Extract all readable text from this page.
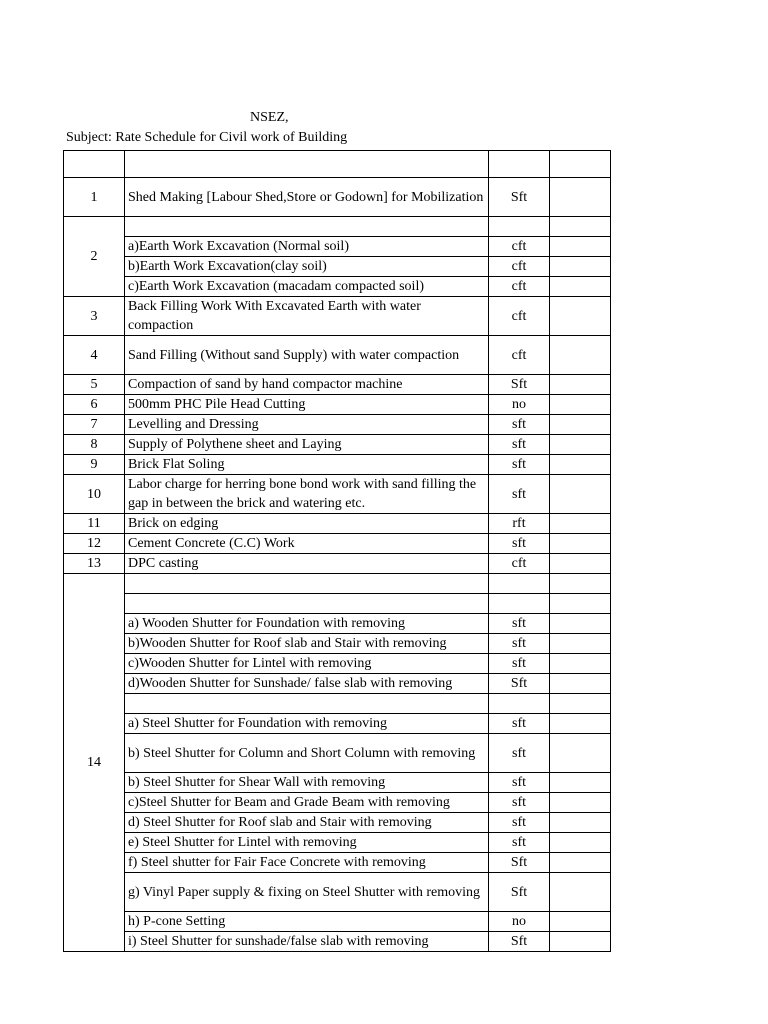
NSEZ,
Subject: Rate Schedule for Civil work of Building

1	Shed Making [Labour Shed,Store or Godown] for Mobilization	Sft	
2			
	a)Earth Work Excavation (Normal soil)	cft	
	b)Earth Work Excavation(clay soil)	cft	
	c)Earth Work Excavation (macadam compacted soil)	cft	
3	Back Filling Work With Excavated Earth with water compaction	cft	
4	Sand Filling (Without sand Supply) with water compaction	cft	
5	Compaction of sand by hand compactor machine	Sft	
6	500mm PHC Pile Head Cutting	no	
7	Levelling and Dressing	sft	
8	Supply of Polythene sheet and Laying	sft	
9	Brick Flat Soling	sft	
10	Labor charge for herring bone bond work with sand filling the gap in between the brick and watering etc.	sft	
11	Brick on edging	rft	
12	Cement Concrete (C.C) Work	sft	
13	DPC casting	cft	
14			

	a) Wooden Shutter for Foundation with removing	sft	
	b)Wooden Shutter for Roof slab and Stair with removing	sft	
	c)Wooden Shutter for Lintel with removing	sft	
	d)Wooden Shutter for Sunshade/ false slab with removing	Sft	

	a) Steel Shutter for Foundation with removing	sft	
	b) Steel Shutter for Column and Short Column with removing	sft	
	b) Steel Shutter for Shear Wall with removing	sft	
	c)Steel Shutter for Beam and Grade Beam with removing	sft	
	d) Steel Shutter for Roof slab and Stair with removing	sft	
	e) Steel Shutter for Lintel with removing	sft	
	f) Steel shutter for Fair Face Concrete with removing	Sft	
	g) Vinyl Paper supply & fixing on Steel Shutter with removing	Sft	
	h) P-cone Setting	no	
	i) Steel Shutter for sunshade/false slab with removing	Sft	
